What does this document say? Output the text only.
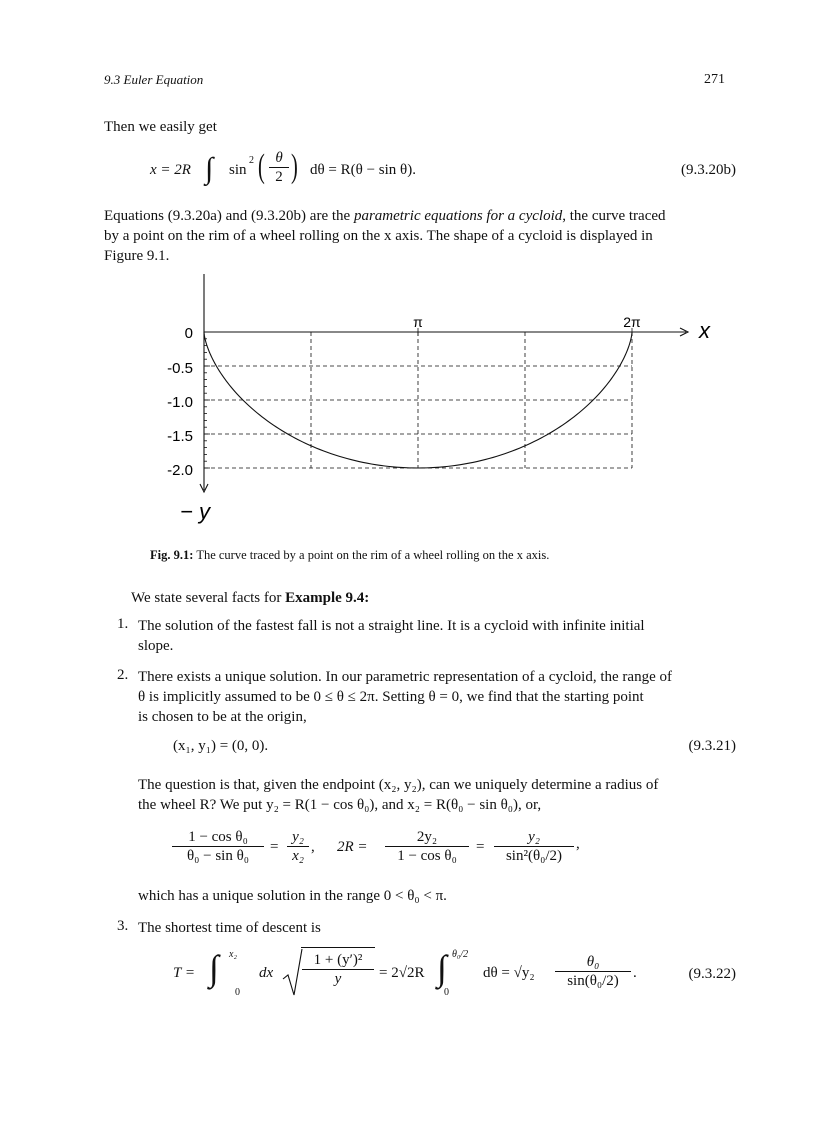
9.3 Euler Equation	271
Then we easily get
x = 2R ∫ sin
2 ( $\frac{\theta}{2}$ ) dθ = R(θ − sin θ).	(9.3.20b)
Equations (9.3.20a) and (9.3.20b) are the parametric equations for a cycloid, the curve traced
by a point on the rim of a wheel rolling on the x axis. The shape of a cycloid is displayed in
Figure 9.1.
0
-0.5
-1.0
-1.5
-2.0
π	2π	x
− y
Fig. 9.1: The curve traced by a point on the rim of a wheel rolling on the x axis.
We state several facts for Example 9.4:
1. The solution of the fastest fall is not a straight line. It is a cycloid with infinite initial
slope.
2. There exists a unique solution. In our parametric representation of a cycloid, the range of
θ is implicitly assumed to be 0 ≤ θ ≤ 2π. Setting θ = 0, we find that the starting point
is chosen to be at the origin,
(x₁, y₁) = (0, 0).	(9.3.21)
The question is that, given the endpoint (x₂, y₂), can we uniquely determine a radius of
the wheel R? We put y₂ = R(1 − cos θ₀), and x₂ = R(θ₀ − sin θ₀), or,
$\frac{\text{1 − cos θ₀}}{\text{θ₀ − sin θ₀}} = \frac{\text{y₂}}{\text{x₂}}$ , $2R = \frac{\text{2y₂}}{\text{1 − cos θ₀}} = \frac{\text{y₂}}{\text{sin²(θ₀/2)}}$ ,
which has a unique solution in the range 0 < θ₀ < π.
3. The shortest time of descent is
T = ∫ x₂
0
dx $\frac{\text{1 + (y′)²}}{y} = 2√2R$ ∫ θ₀/2
0
$d\theta = √y_2 \frac{\text{θ₀}}{\text{sin(θ₀/2)}}$ .	(9.3.22)
